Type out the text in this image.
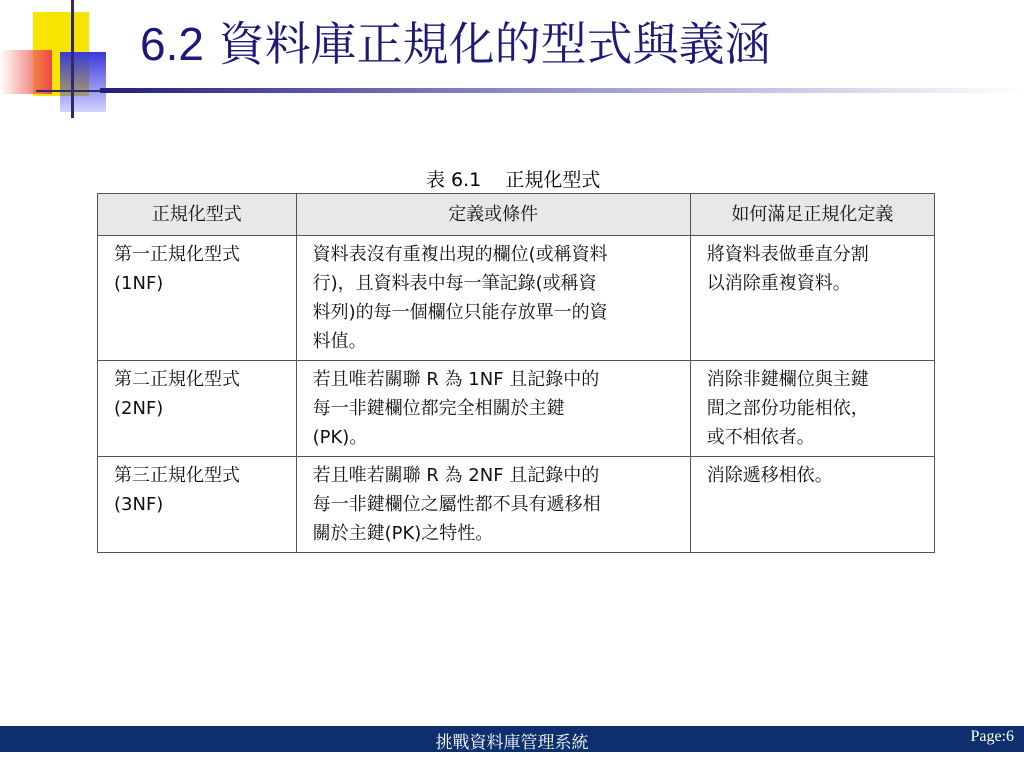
6.2 資料庫正規化的型式與義涵
表 6.1    正規化型式
正規化型式	定義或條件	如何滿足正規化定義

第一正規化型式
(1NF)	資料表沒有重複出現的欄位(或稱資料
行)，且資料表中每一筆記錄(或稱資
料列)的每一個欄位只能存放單一的資
料值。	將資料表做垂直分割
以消除重複資料。

第二正規化型式
(2NF)	若且唯若關聯 R 為 1NF 且記錄中的
每一非鍵欄位都完全相關於主鍵
(PK)。	消除非鍵欄位與主鍵
間之部份功能相依，
或不相依者。

第三正規化型式
(3NF)	若且唯若關聯 R 為 2NF 且記錄中的
每一非鍵欄位之屬性都不具有遞移相
關於主鍵(PK)之特性。	消除遞移相依。
挑戰資料庫管理系統	Page:6
